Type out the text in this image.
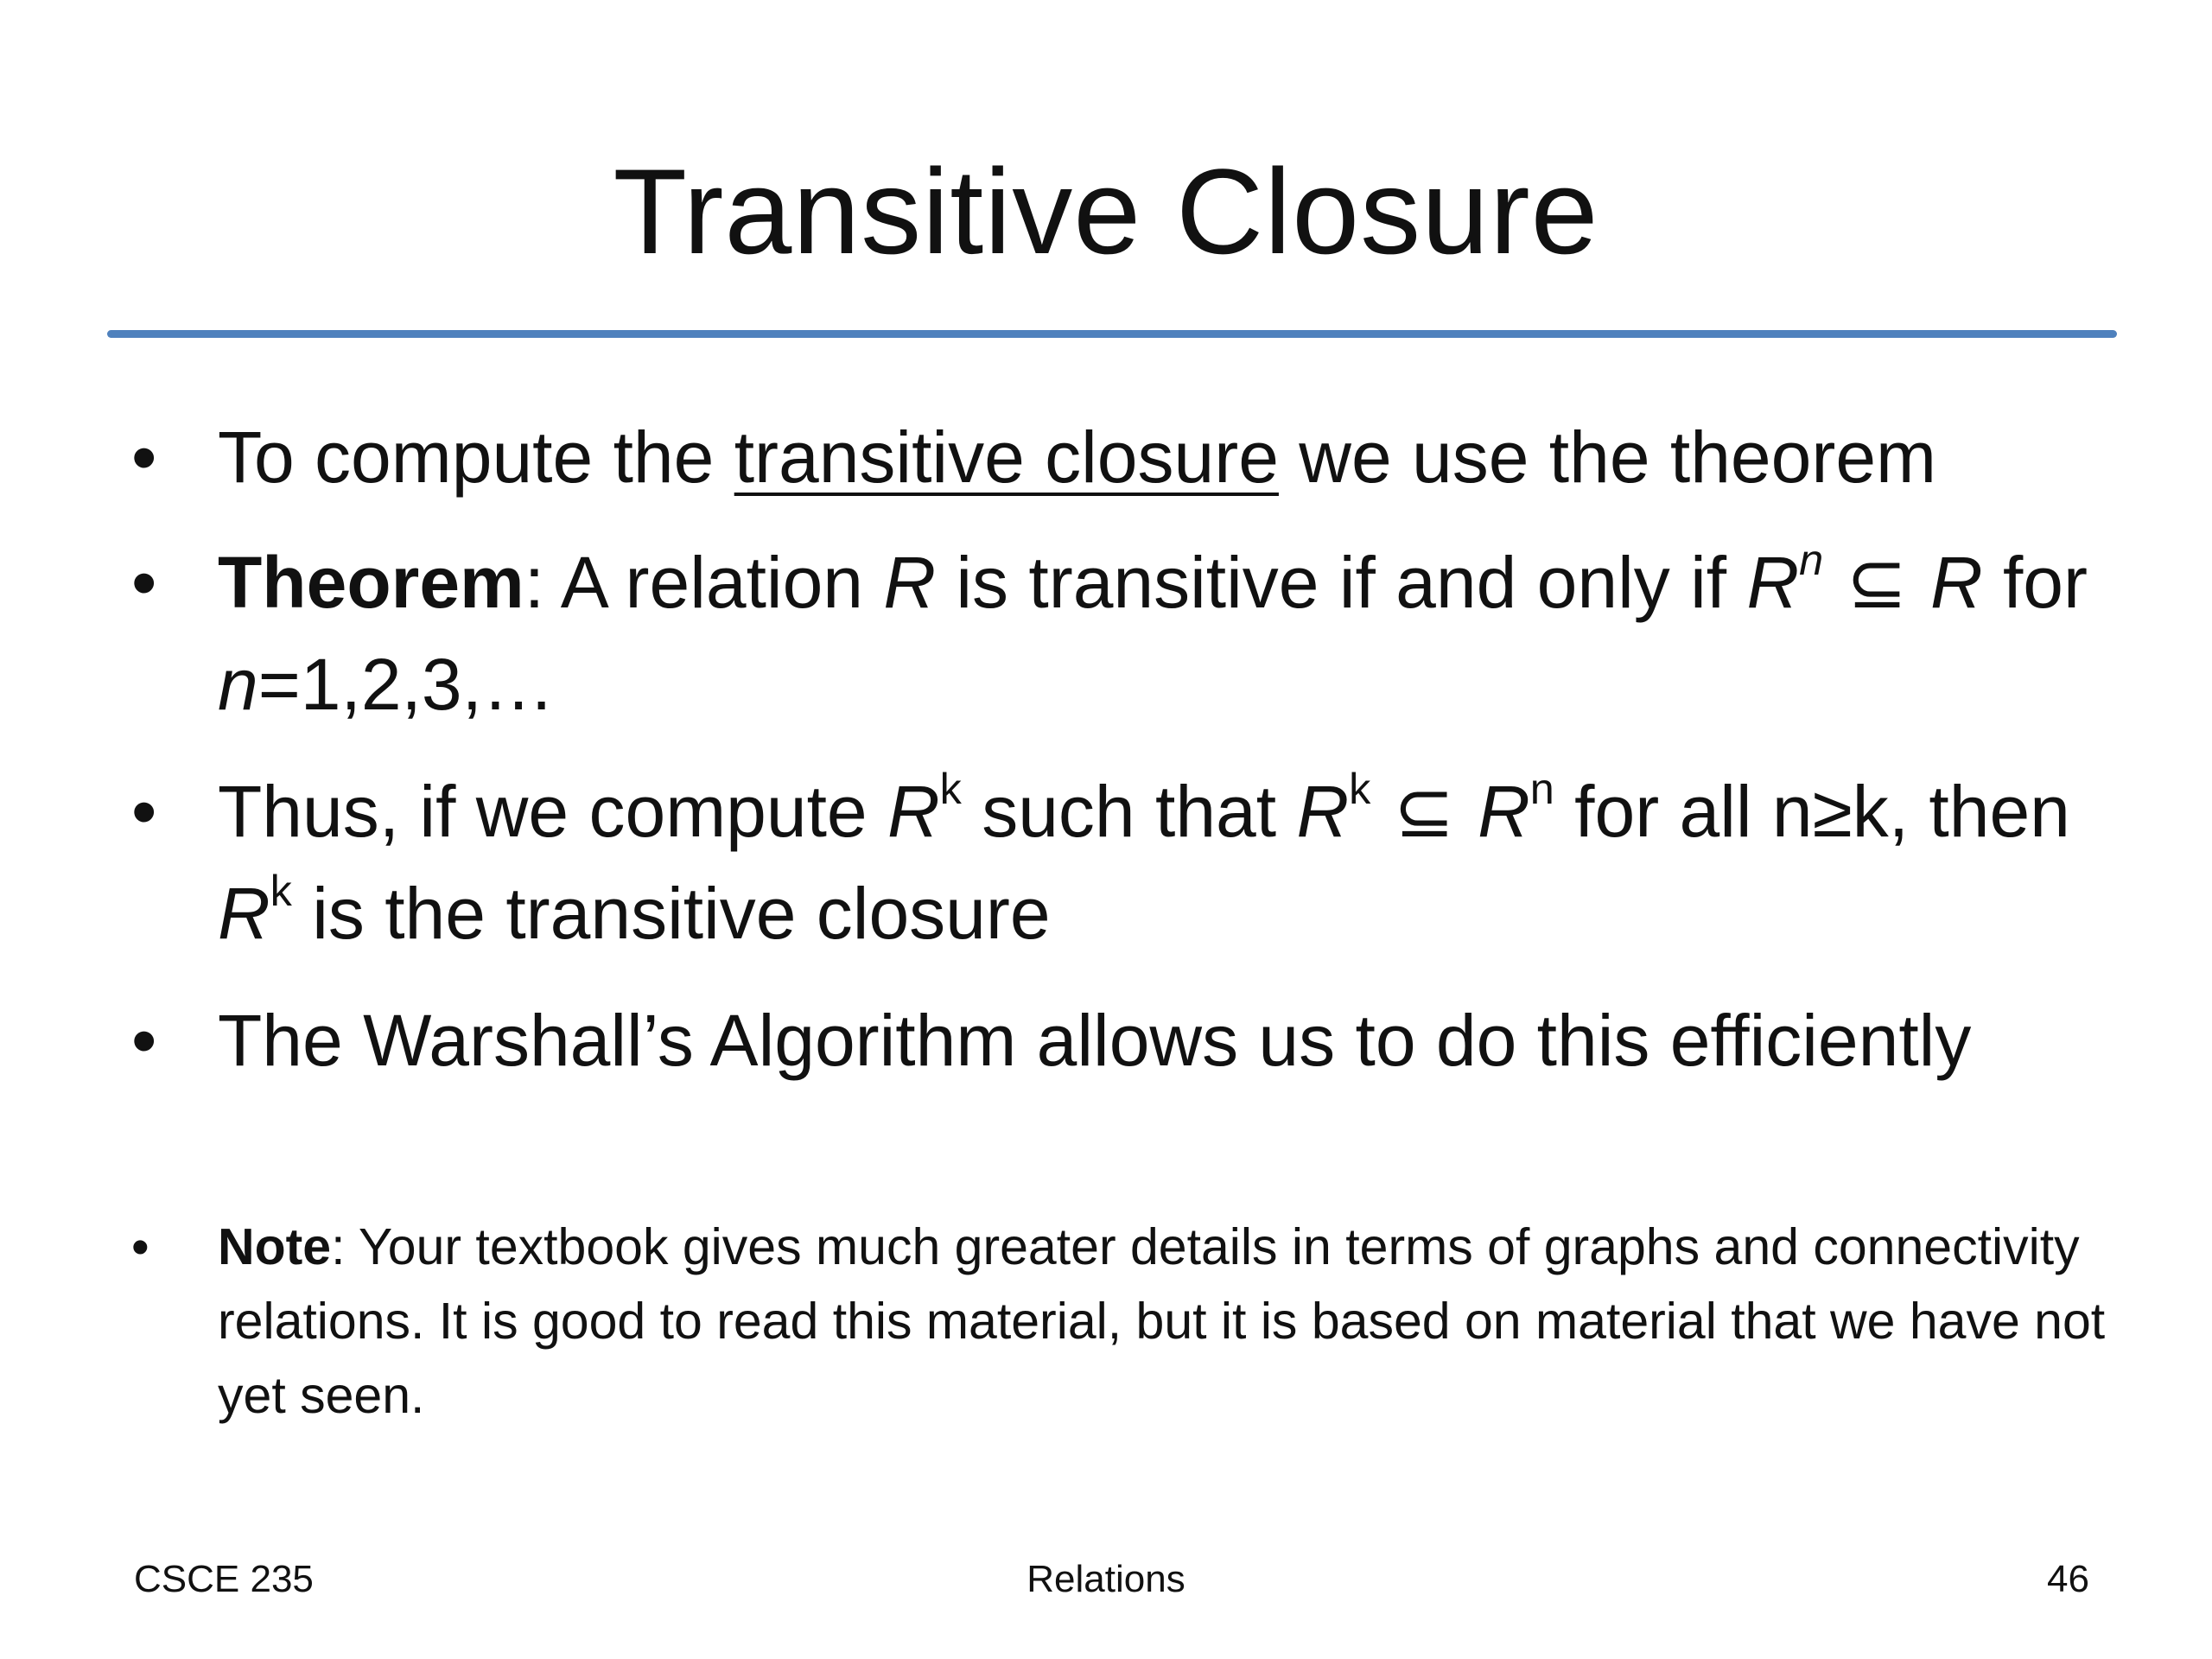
Transitive Closure
• To compute the transitive closure we use the theorem
• Theorem: A relation R is transitive if and only if $R^n$ ⊆ R for n=1,2,3,…
• Thus, if we compute $R^k$ such that $R^k$ ⊆ $R^n$ for all n≥k, then $R^k$ is the transitive closure
• The Warshall’s Algorithm allows us to do this efficiently
• Note: Your textbook gives much greater details in terms of graphs and connectivity relations. It is good to read this material, but it is based on material that we have not yet seen.
CSCE 235	Relations	46
